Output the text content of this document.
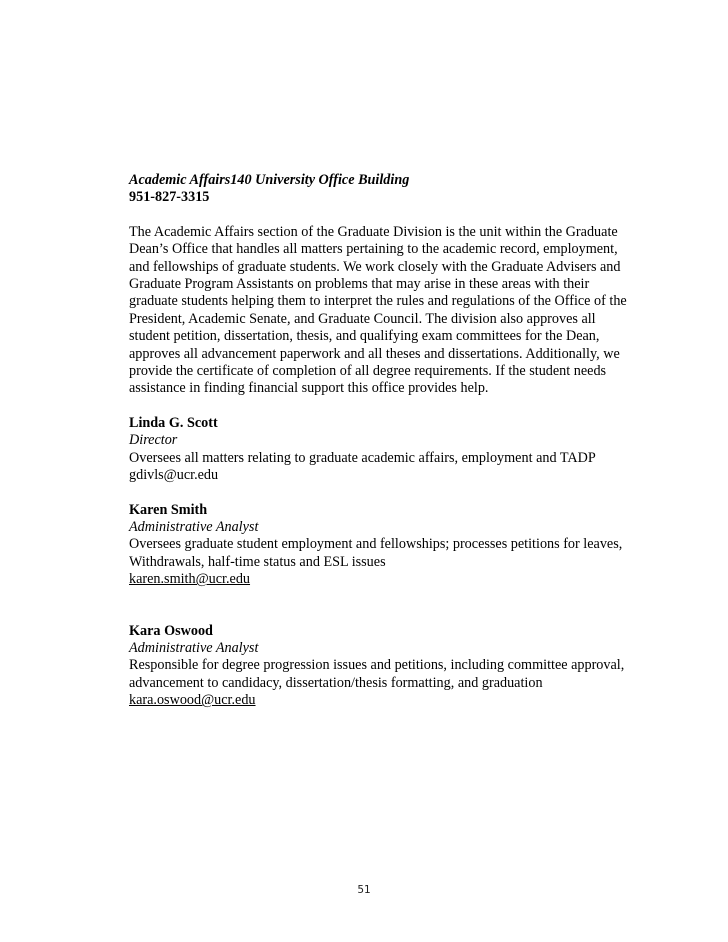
Academic Affairs140 University Office Building
951-827-3315
The Academic Affairs section of the Graduate Division is the unit within the Graduate Dean’s Office that handles all matters pertaining to the academic record, employment, and fellowships of graduate students. We work closely with the Graduate Advisers and Graduate Program Assistants on problems that may arise in these areas with their graduate students helping them to interpret the rules and regulations of the Office of the President, Academic Senate, and Graduate Council. The division also approves all student petition, dissertation, thesis, and qualifying exam committees for the Dean, approves all advancement paperwork and all theses and dissertations. Additionally, we provide the certificate of completion of all degree requirements. If the student needs assistance in finding financial support this office provides help.
Linda G. Scott
Director
Oversees all matters relating to graduate academic affairs, employment and TADP
gdivls@ucr.edu
Karen Smith
Administrative Analyst
Oversees graduate student employment and fellowships; processes petitions for leaves, Withdrawals, half-time status and ESL issues
karen.smith@ucr.edu
Kara Oswood
Administrative Analyst
Responsible for degree progression issues and petitions, including committee approval, advancement to candidacy, dissertation/thesis formatting, and graduation
kara.oswood@ucr.edu
51
